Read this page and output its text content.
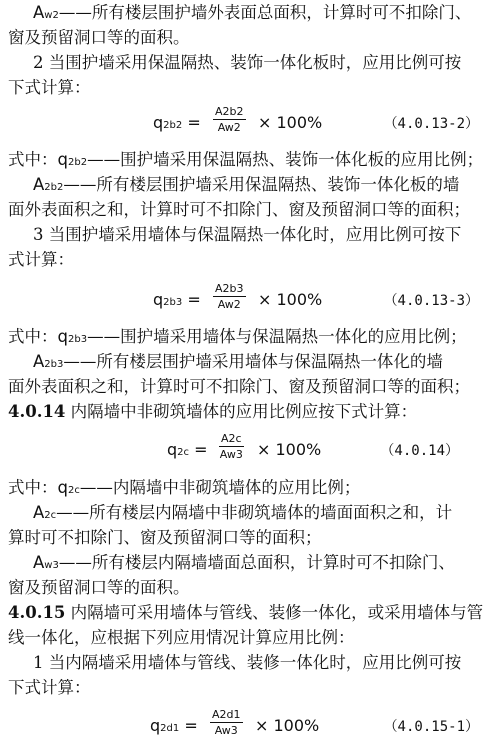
Aw2——所有楼层围护墙外表面总面积，计算时可不扣除门、
窗及预留洞口等的面积。
2 当围护墙采用保温隔热、装饰一体化板时，应用比例可按
下式计算：
$q2b2 = \frac{A2b2}{Aw2} \times 100\%$	（4.0.13-2）
式中：q2b2——围护墙采用保温隔热、装饰一体化板的应用比例；
A2b2——所有楼层围护墙采用保温隔热、装饰一体化板的墙
面外表面积之和，计算时可不扣除门、窗及预留洞口等的面积；
3 当围护墙采用墙体与保温隔热一体化时，应用比例可按下
式计算：
$q2b3 = \frac{A2b3}{Aw2} \times 100\%$	（4.0.13-3）
式中：q2b3——围护墙采用墙体与保温隔热一体化的应用比例；
A2b3——所有楼层围护墙采用墙体与保温隔热一体化的墙
面外表面积之和，计算时可不扣除门、窗及预留洞口等的面积；
4.0.14 内隔墙中非砌筑墙体的应用比例应按下式计算：
$q2c = \frac{A2c}{Aw3} \times 100\%$	（4.0.14）
式中：q2c——内隔墙中非砌筑墙体的应用比例；
A2c——所有楼层内隔墙中非砌筑墙体的墙面面积之和，计
算时可不扣除门、窗及预留洞口等的面积；
Aw3——所有楼层内隔墙墙面总面积，计算时可不扣除门、
窗及预留洞口等的面积。
4.0.15 内隔墙可采用墙体与管线、装修一体化，或采用墙体与管
线一体化，应根据下列应用情况计算应用比例：
1 当内隔墙采用墙体与管线、装修一体化时，应用比例可按
下式计算：
$q2d1 = \frac{A2d1}{Aw3} \times 100\%$	（4.0.15-1）
